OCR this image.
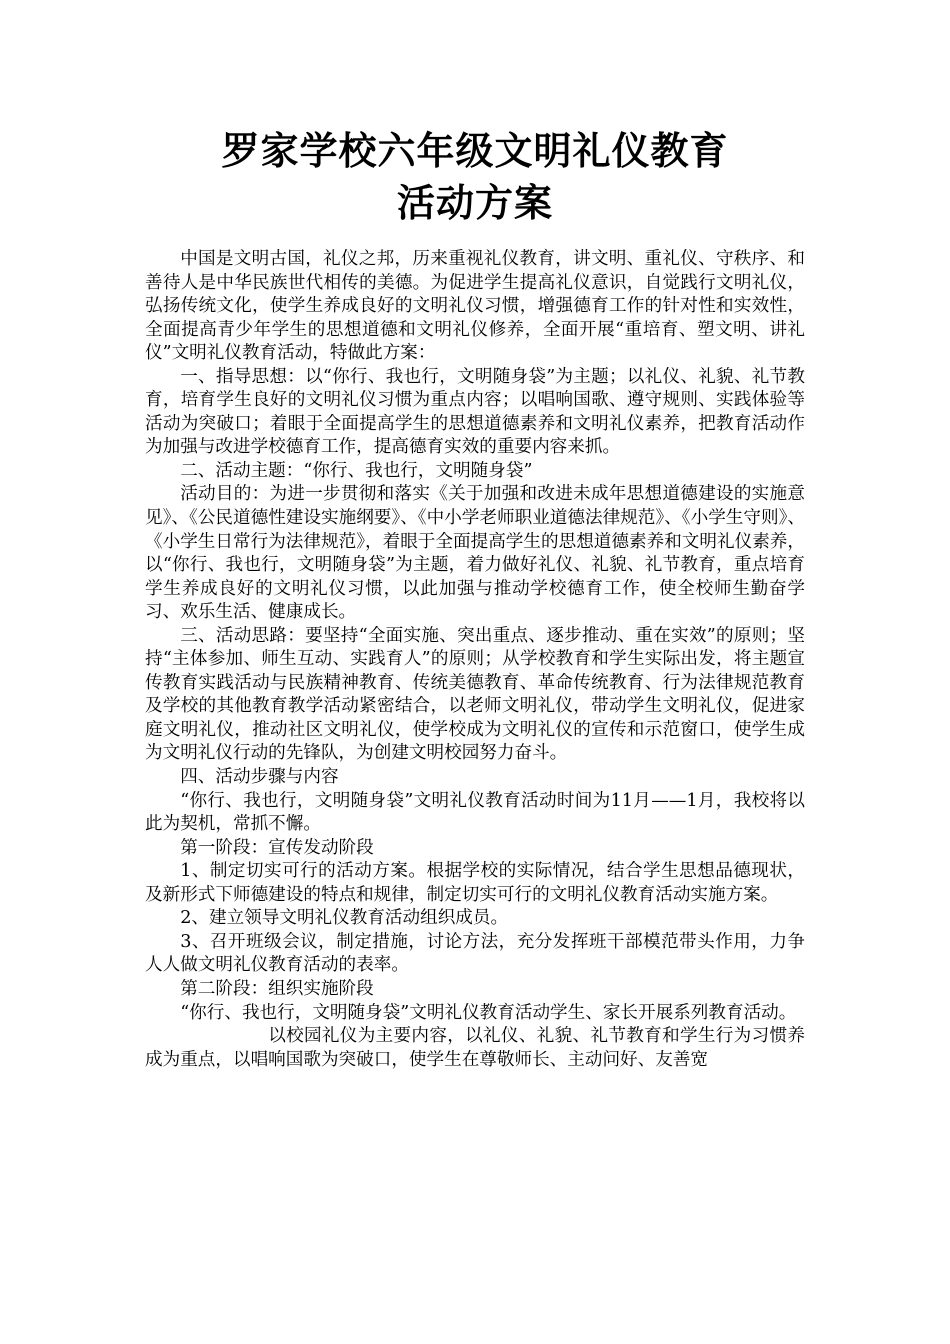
罗家学校六年级文明礼仪教育
活动方案

中国是文明古国，礼仪之邦，历来重视礼仪教育，讲文明、重礼仪、守秩序、和善待人是中华民族世代相传的美德。为促进学生提高礼仪意识，自觉践行文明礼仪，弘扬传统文化，使学生养成良好的文明礼仪习惯，增强德育工作的针对性和实效性，全面提高青少年学生的思想道德和文明礼仪修养，全面开展“重培育、塑文明、讲礼仪”文明礼仪教育活动，特做此方案：

一、指导思想：以“你行、我也行，文明随身袋”为主题；以礼仪、礼貌、礼节教育，培育学生良好的文明礼仪习惯为重点内容；以唱响国歌、遵守规则、实践体验等活动为突破口；着眼于全面提高学生的思想道德素养和文明礼仪素养，把教育活动作为加强与改进学校德育工作，提高德育实效的重要内容来抓。

二、活动主题：“你行、我也行，文明随身袋”

活动目的：为进一步贯彻和落实《关于加强和改进未成年思想道德建设的实施意见》、《公民道德性建设实施纲要》、《中小学老师职业道德法律规范》、《小学生守则》、《小学生日常行为法律规范》，着眼于全面提高学生的思想道德素养和文明礼仪素养，以“你行、我也行，文明随身袋”为主题，着力做好礼仪、礼貌、礼节教育，重点培育学生养成良好的文明礼仪习惯，以此加强与推动学校德育工作，使全校师生勤奋学习、欢乐生活、健康成长。

三、活动思路：要坚持“全面实施、突出重点、逐步推动、重在实效”的原则；坚持“主体参加、师生互动、实践育人”的原则；从学校教育和学生实际出发，将主题宣传教育实践活动与民族精神教育、传统美德教育、革命传统教育、行为法律规范教育及学校的其他教育教学活动紧密结合，以老师文明礼仪，带动学生文明礼仪，促进家庭文明礼仪，推动社区文明礼仪，使学校成为文明礼仪的宣传和示范窗口，使学生成为文明礼仪行动的先锋队，为创建文明校园努力奋斗。

四、活动步骤与内容

“你行、我也行，文明随身袋”文明礼仪教育活动时间为11月——1月，我校将以此为契机，常抓不懈。

第一阶段：宣传发动阶段

1、制定切实可行的活动方案。根据学校的实际情况，结合学生思想品德现状，及新形式下师德建设的特点和规律，制定切实可行的文明礼仪教育活动实施方案。

2、建立领导文明礼仪教育活动组织成员。

3、召开班级会议，制定措施，讨论方法，充分发挥班干部模范带头作用，力争人人做文明礼仪教育活动的表率。

第二阶段：组织实施阶段

“你行、我也行，文明随身袋”文明礼仪教育活动学生、家长开展系列教育活动。

以校园礼仪为主要内容，以礼仪、礼貌、礼节教育和学生行为习惯养成为重点，以唱响国歌为突破口，使学生在尊敬师长、主动问好、友善宽
